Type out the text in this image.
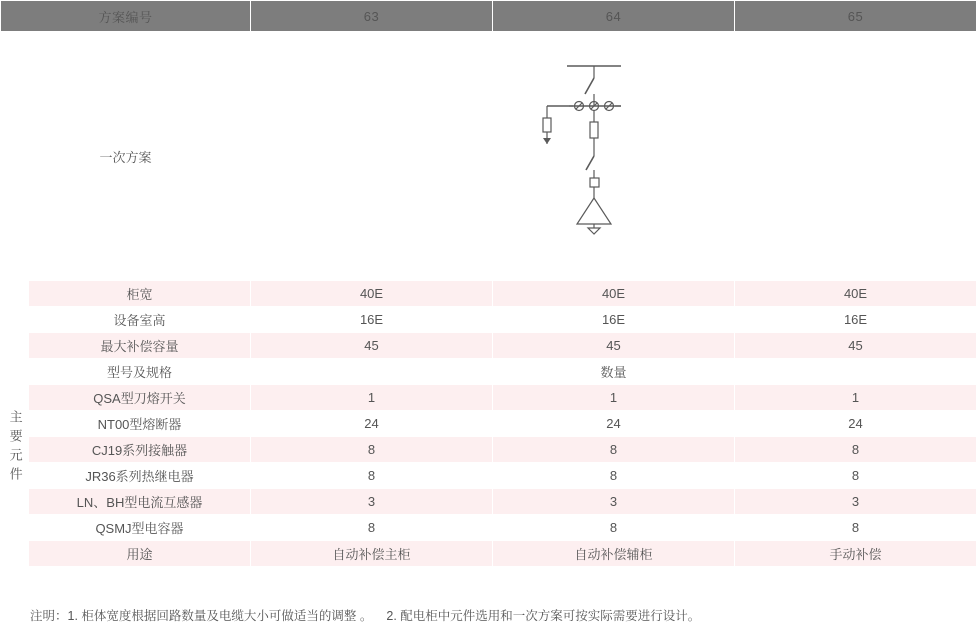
方案编号		63	64	65
一次方案	

	柜宽	40E	40E	40E
	设备室高	16E	16E	16E
	最大补偿容量	45	45	45
主要元件	型号及规格	数量		
	QSA型刀熔开关	1	1	1
	NT00型熔断器	24	24	24
	CJ19系列接触器	8	8	8
	JR36系列热继电器	8	8	8
	LN、BH型电流互感器	3	3	3
	QSMJ型电容器	8	8	8
	用途	自动补偿主柜	自动补偿辅柜	手动补偿
注明：1. 柜体宽度根据回路数量及电缆大小可做适当的调整 。 2. 配电柜中元件选用和一次方案可按实际需要进行设计。
